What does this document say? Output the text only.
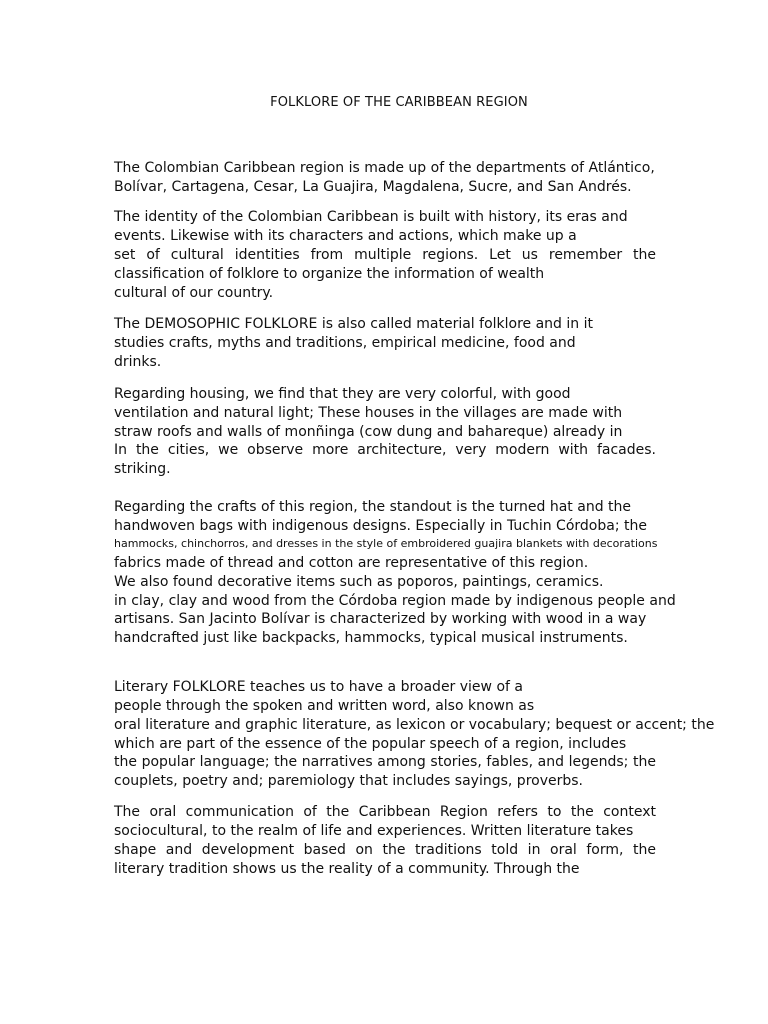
FOLKLORE OF THE CARIBBEAN REGION
The Colombian Caribbean region is made up of the departments of Atlántico,
Bolívar, Cartagena, Cesar, La Guajira, Magdalena, Sucre, and San Andrés.
The identity of the Colombian Caribbean is built with history, its eras and
events. Likewise with its characters and actions, which make up a
set of cultural identities from multiple regions. Let us remember the
classification of folklore to organize the information of wealth
cultural of our country.
The DEMOSOPHIC FOLKLORE is also called material folklore and in it
studies crafts, myths and traditions, empirical medicine, food and
drinks.
Regarding housing, we find that they are very colorful, with good
ventilation and natural light; These houses in the villages are made with
straw roofs and walls of monñinga (cow dung and bahareque) already in
In the cities, we observe more architecture, very modern with facades.
striking.
Regarding the crafts of this region, the standout is the turned hat and the
handwoven bags with indigenous designs. Especially in Tuchin Córdoba; the
hammocks, chinchorros, and dresses in the style of embroidered guajira blankets with decorations
fabrics made of thread and cotton are representative of this region.
We also found decorative items such as poporos, paintings, ceramics.
in clay, clay and wood from the Córdoba region made by indigenous people and
artisans. San Jacinto Bolívar is characterized by working with wood in a way
handcrafted just like backpacks, hammocks, typical musical instruments.
Literary FOLKLORE teaches us to have a broader view of a
people through the spoken and written word, also known as
oral literature and graphic literature, as lexicon or vocabulary; bequest or accent; the
which are part of the essence of the popular speech of a region, includes
the popular language; the narratives among stories, fables, and legends; the
couplets, poetry and; paremiology that includes sayings, proverbs.
The oral communication of the Caribbean Region refers to the context
sociocultural, to the realm of life and experiences. Written literature takes
shape and development based on the traditions told in oral form, the
literary tradition shows us the reality of a community. Through the
